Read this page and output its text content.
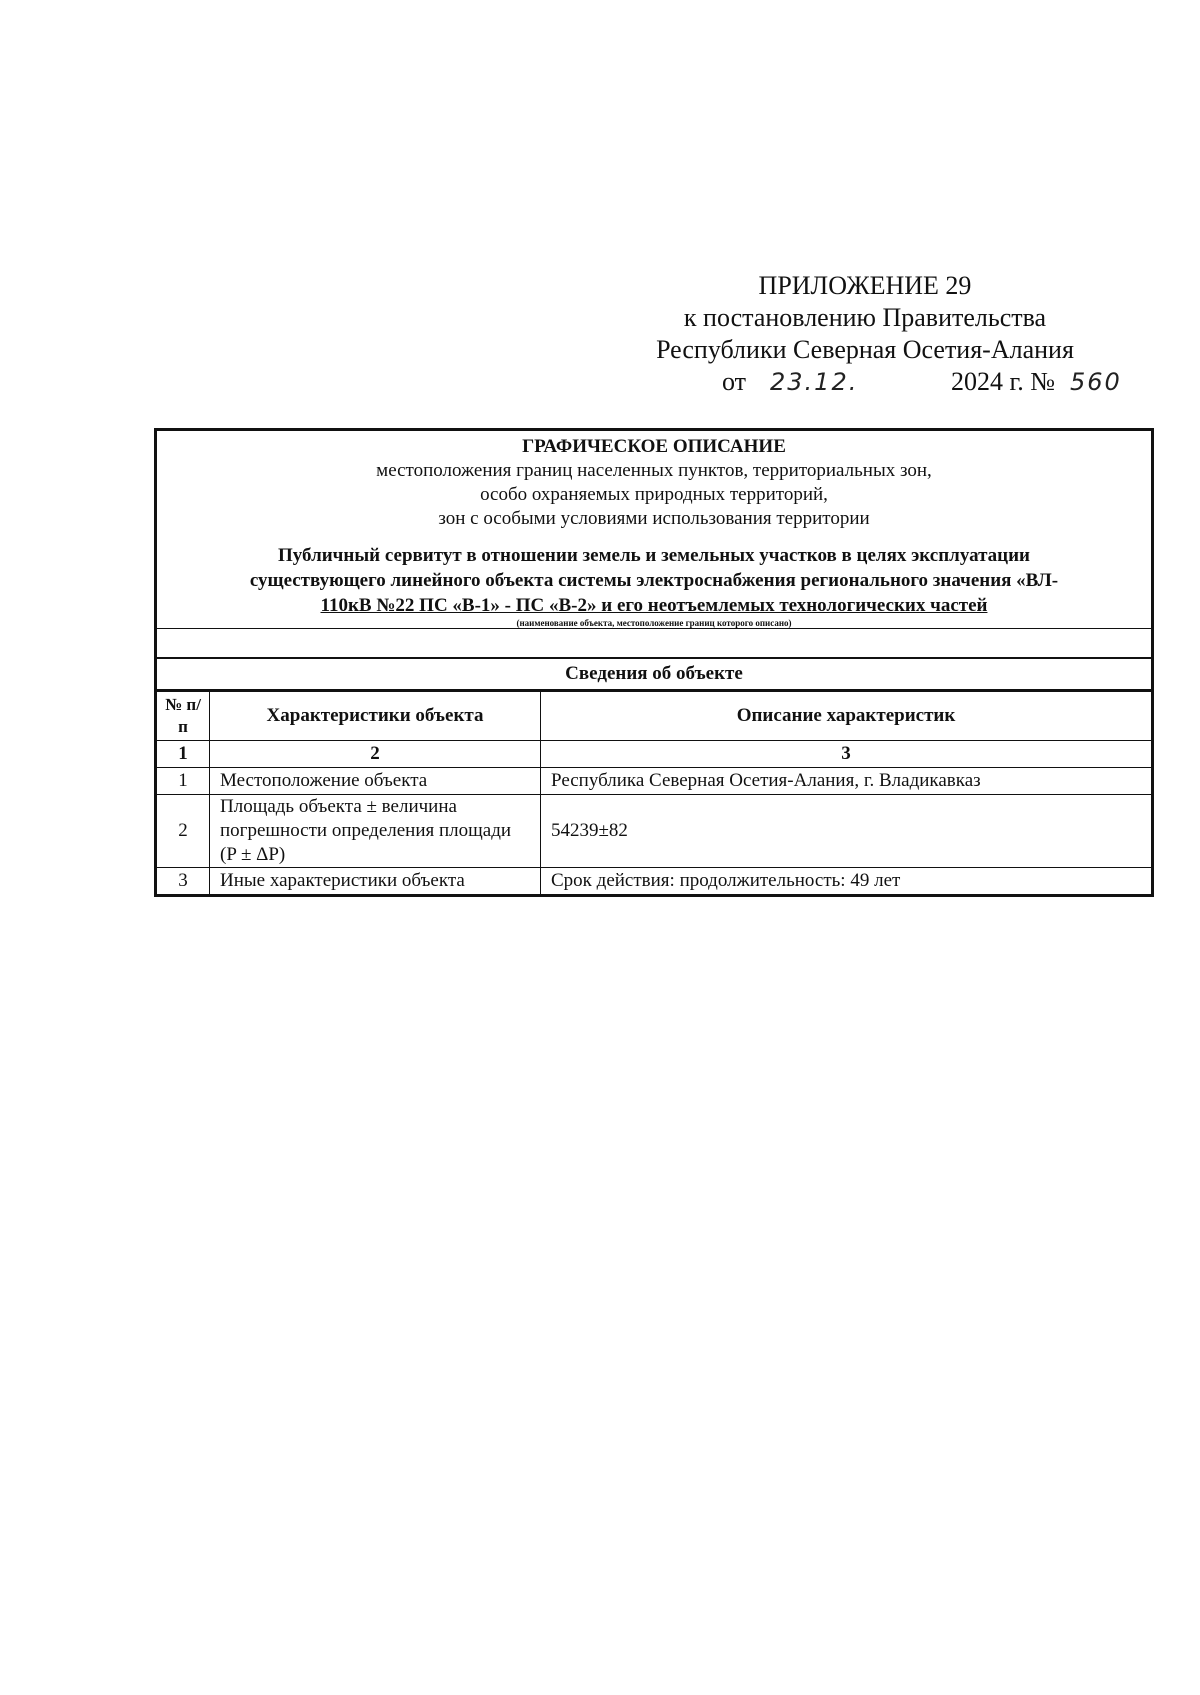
ПРИЛОЖЕНИЕ 29
к постановлению Правительства
Республики Северная Осетия-Алания
от 23.12.	2024 г. № 560
ГРАФИЧЕСКОЕ ОПИСАНИЕ
местоположения границ населенных пунктов, территориальных зон,
особо охраняемых природных территорий,
зон с особыми условиями использования территории
Публичный сервитут в отношении земель и земельных участков в целях эксплуатации
существующего линейного объекта системы электроснабжения регионального значения «ВЛ-
110кВ №22 ПС «В-1» - ПС «В-2» и его неотъемлемых технологических частей
(наименование объекта, местоположение границ которого описано)
Сведения об объекте
№ п/п	Характеристики объекта	Описание характеристик
1	2	3
1	Местоположение объекта	Республика Северная Осетия-Алания, г. Владикавказ
2	Площадь объекта ± величина погрешности определения площади (P ± ΔP)	54239±82
3	Иные характеристики объекта	Срок действия: продолжительность: 49 лет
